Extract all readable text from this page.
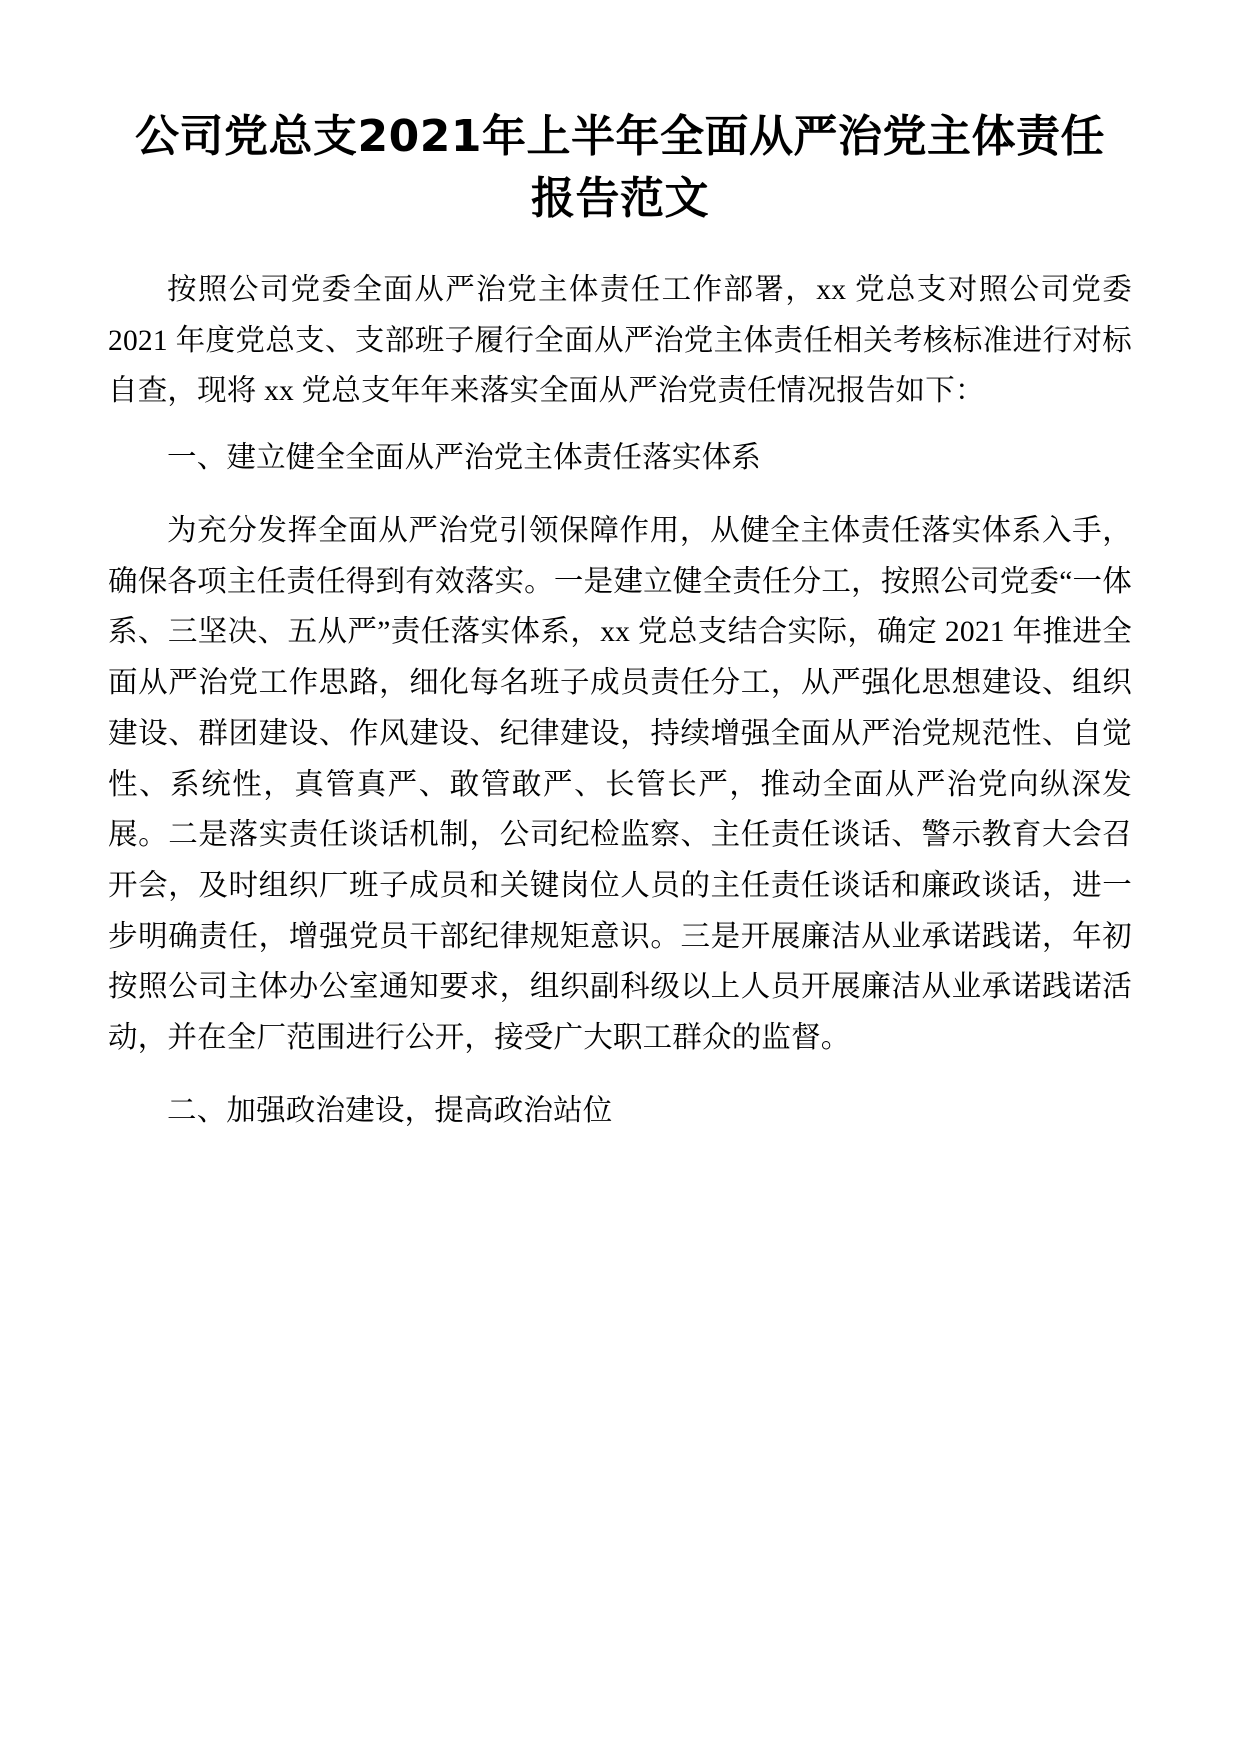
公司党总支2021年上半年全面从严治党主体责任报告范文

按照公司党委全面从严治党主体责任工作部署，xx 党总支对照公司党委 2021 年度党总支、支部班子履行全面从严治党主体责任相关考核标准进行对标自查，现将 xx 党总支年年来落实全面从严治党责任情况报告如下：

一、建立健全全面从严治党主体责任落实体系

为充分发挥全面从严治党引领保障作用，从健全主体责任落实体系入手，确保各项主任责任得到有效落实。一是建立健全责任分工，按照公司党委“一体系、三坚决、五从严”责任落实体系，xx 党总支结合实际，确定 2021 年推进全面从严治党工作思路，细化每名班子成员责任分工，从严强化思想建设、组织建设、群团建设、作风建设、纪律建设，持续增强全面从严治党规范性、自觉性、系统性，真管真严、敢管敢严、长管长严，推动全面从严治党向纵深发展。二是落实责任谈话机制，公司纪检监察、主任责任谈话、警示教育大会召开会，及时组织厂班子成员和关键岗位人员的主任责任谈话和廉政谈话，进一步明确责任，增强党员干部纪律规矩意识。三是开展廉洁从业承诺践诺，年初按照公司主体办公室通知要求，组织副科级以上人员开展廉洁从业承诺践诺活动，并在全厂范围进行公开，接受广大职工群众的监督。

二、加强政治建设，提高政治站位
